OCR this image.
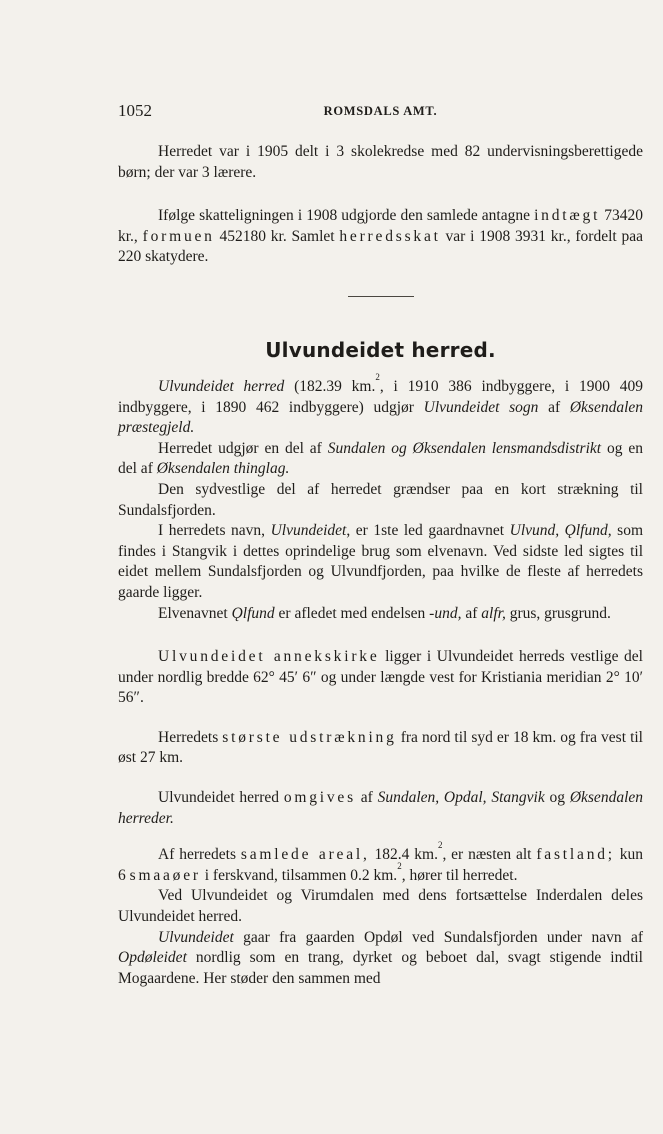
1052	ROMSDALS AMT.

Herredet var i 1905 delt i 3 skolekredse med 82 undervisningsberettigede børn; der var 3 lærere.

Ifølge skatteligningen i 1908 udgjorde den samlede antagne indtægt 73420 kr., formuen 452180 kr. Samlet herredsskat var i 1908 3931 kr., fordelt paa 220 skatydere.

Ulvundeidet herred.

Ulvundeidet herred (182.39 km.$^2$, i 1910 386 indbyggere, i 1900 409 indbyggere, i 1890 462 indbyggere) udgjør Ulvundeidet sogn af Øksendalen præstegjeld.

Herredet udgjør en del af Sundalen og Øksendalen lensmandsdistrikt og en del af Øksendalen thinglag.

Den sydvestlige del af herredet grændser paa en kort strækning til Sundalsfjorden.

I herredets navn, Ulvundeidet, er 1ste led gaardnavnet Ulvund, Ǫlfund, som findes i Stangvik i dettes oprindelige brug som elvenavn. Ved sidste led sigtes til eidet mellem Sundalsfjorden og Ulvundfjorden, paa hvilke de fleste af herredets gaarde ligger.

Elvenavnet Ǫlfund er afledet med endelsen -und, af alfr, grus, grusgrund.

Ulvundeidet annekskirke ligger i Ulvundeidet herreds vestlige del under nordlig bredde 62° 45′ 6″ og under længde vest for Kristiania meridian 2° 10′ 56″.

Herredets største udstrækning fra nord til syd er 18 km. og fra vest til øst 27 km.

Ulvundeidet herred omgives af Sundalen, Opdal, Stangvik og Øksendalen herreder.

Af herredets samlede areal, 182.4 km.$^2$, er næsten alt fastland; kun 6 smaaøer i ferskvand, tilsammen 0.2 km.$^2$, hører til herredet.

Ved Ulvundeidet og Virumdalen med dens fortsættelse Inderdalen deles Ulvundeidet herred.

Ulvundeidet gaar fra gaarden Opdøl ved Sundalsfjorden under navn af Opdøleidet nordlig som en trang, dyrket og beboet dal, svagt stigende indtil Mogaardene. Her støder den sammen med
